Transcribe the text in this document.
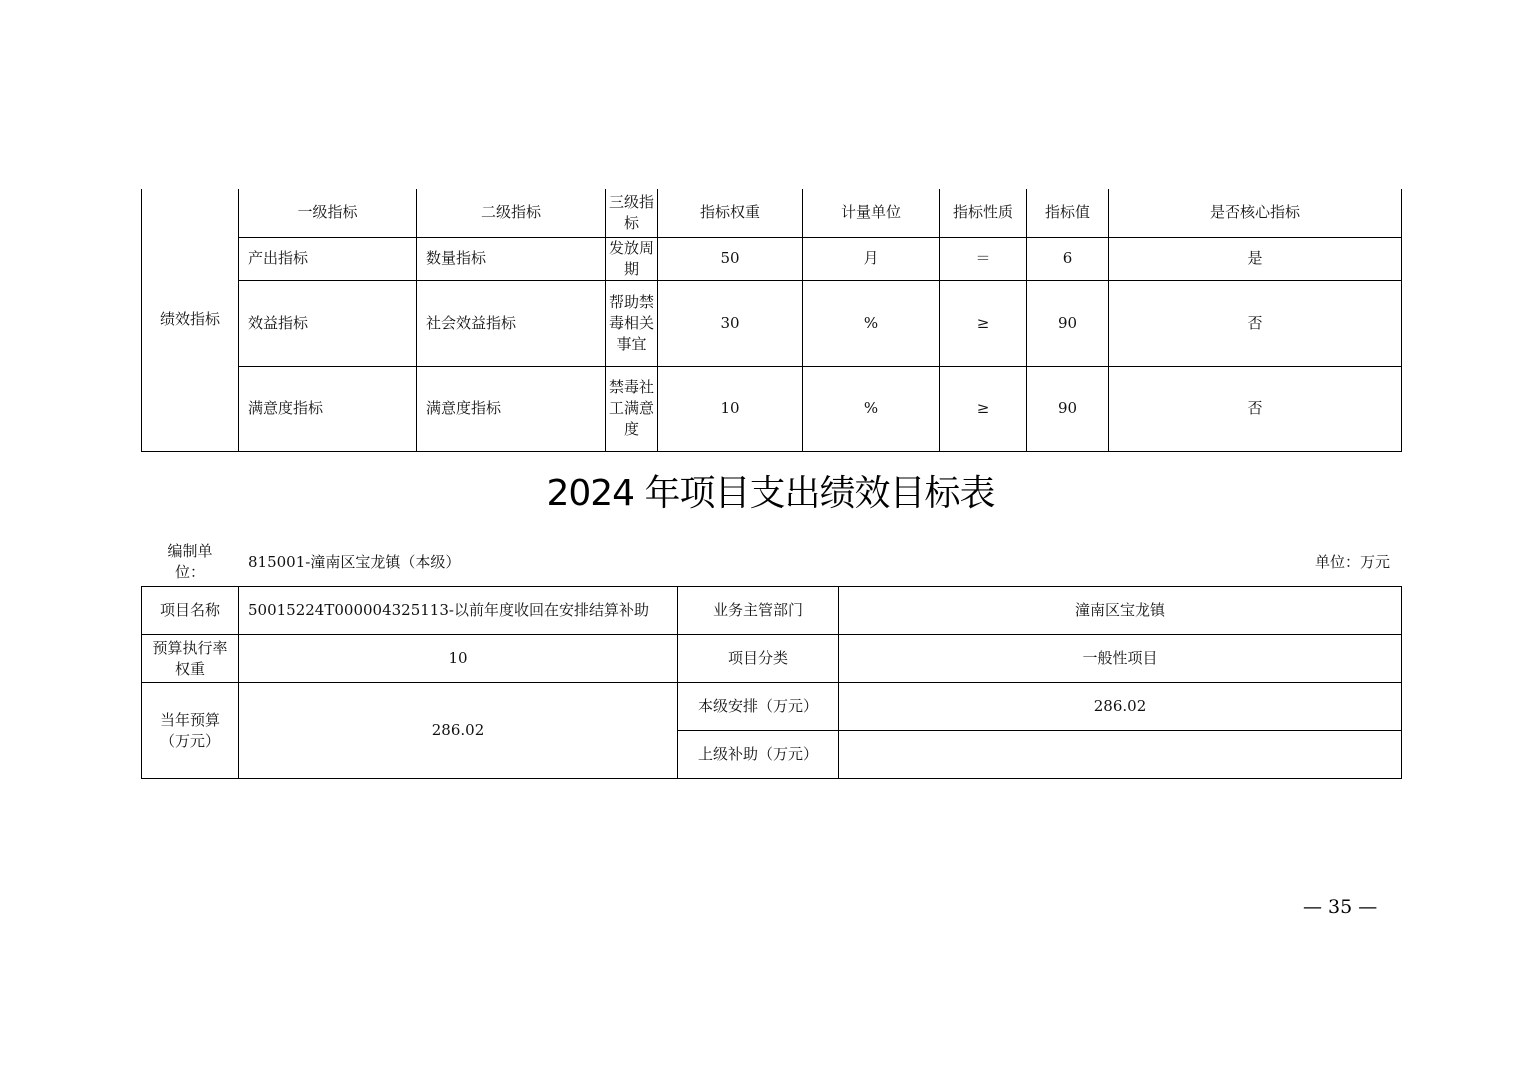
绩效指标	一级指标	二级指标	三级指标	指标权重	计量单位	指标性质	指标值	是否核心指标
	产出指标	数量指标	发放周期	50	月	＝	6	是
	效益指标	社会效益指标	帮助禁毒相关事宜	30	%	≥	90	否
	满意度指标	满意度指标	禁毒社工满意度	10	%	≥	90	否
2024 年项目支出绩效目标表
编制单位：
815001-潼南区宝龙镇（本级）	单位：万元
项目名称	50015224T000004325113-以前年度收回在安排结算补助	业务主管部门	潼南区宝龙镇
预算执行率权重	10	项目分类	一般性项目

当年预算
（万元）	286.02	本级安排（万元）	286.02
		上级补助（万元）	
— 35 —
